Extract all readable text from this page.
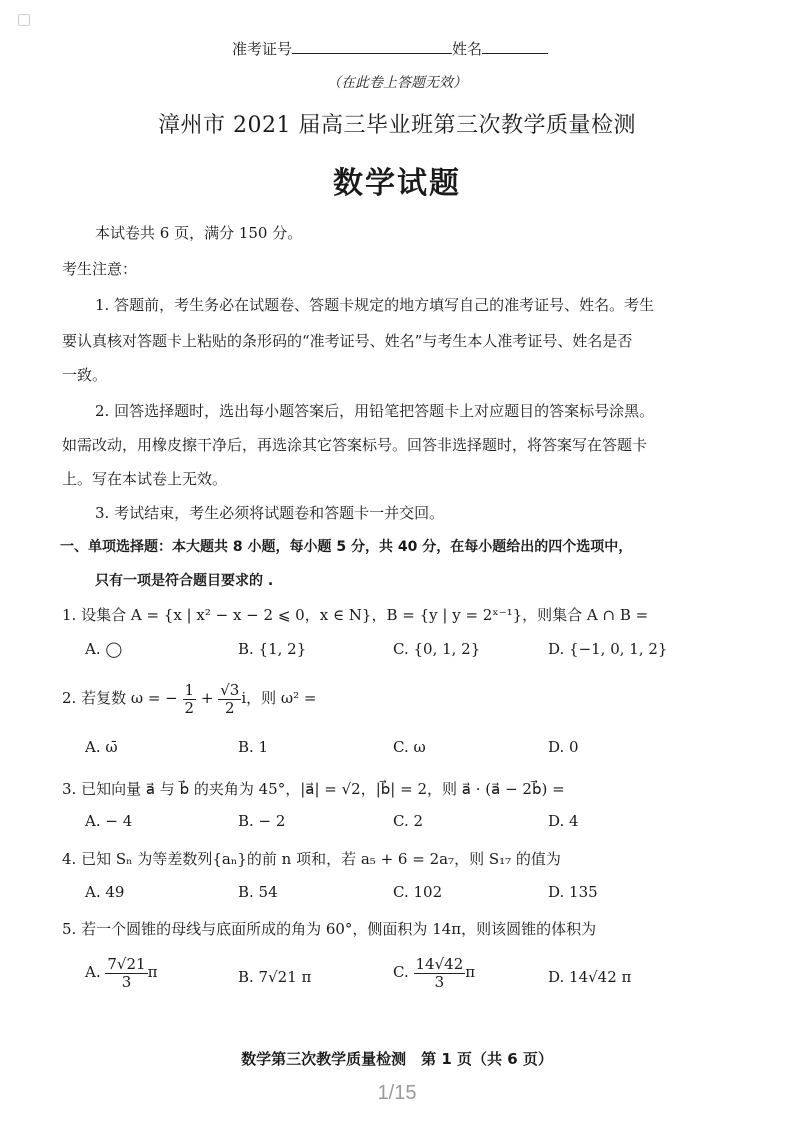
准考证号	姓名
（在此卷上答题无效）
漳州市 2021 届高三毕业班第三次教学质量检测
数学试题
本试卷共 6 页，满分 150 分。
考生注意：
1. 答题前，考生务必在试题卷、答题卡规定的地方填写自己的准考证号、姓名。考生
要认真核对答题卡上粘贴的条形码的“准考证号、姓名”与考生本人准考证号、姓名是否
一致。
2. 回答选择题时，选出每小题答案后，用铅笔把答题卡上对应题目的答案标号涂黑。
如需改动，用橡皮擦干净后，再选涂其它答案标号。回答非选择题时，将答案写在答题卡
上。写在本试卷上无效。
3. 考试结束，考生必须将试题卷和答题卡一并交回。
一、单项选择题：本大题共 8 小题，每小题 5 分，共 40 分，在每小题给出的四个选项中，
只有一项是符合题目要求的 .
1. 设集合 A = {x | x² − x − 2 ⩽ 0，x ∈ N}，B = {y | y = 2ˣ⁻¹}，则集合 A ∩ B =
A. ◯	B. {1, 2}	C. {0, 1, 2}	D. {−1, 0, 1, 2}
2. 若复数 ω = − $\frac{1}{2} + \frac{√3}{2}$ i，则 ω² =
A. ω̄	B. 1	C. ω	D. 0
3. 已知向量 a⃗ 与 b⃗ 的夹角为 45°，|a⃗| = √2，|b⃗| = 2，则 a⃗ · (a⃗ − 2b⃗) =
A. − 4	B. − 2	C. 2	D. 4
4. 已知 Sₙ 为等差数列{aₙ}的前 n 项和，若 a₅ + 6 = 2a₇，则 S₁₇ 的值为
A. 49	B. 54	C. 102	D. 135
5. 若一个圆锥的母线与底面所成的角为 60°，侧面积为 14π，则该圆锥的体积为
A. $\frac{7√21}{3}$ π	B. 7√21 π	C. $\frac{14√42}{3}$ π	D. 14√42 π
数学第三次教学质量检测　第 1 页（共 6 页）
1/15
